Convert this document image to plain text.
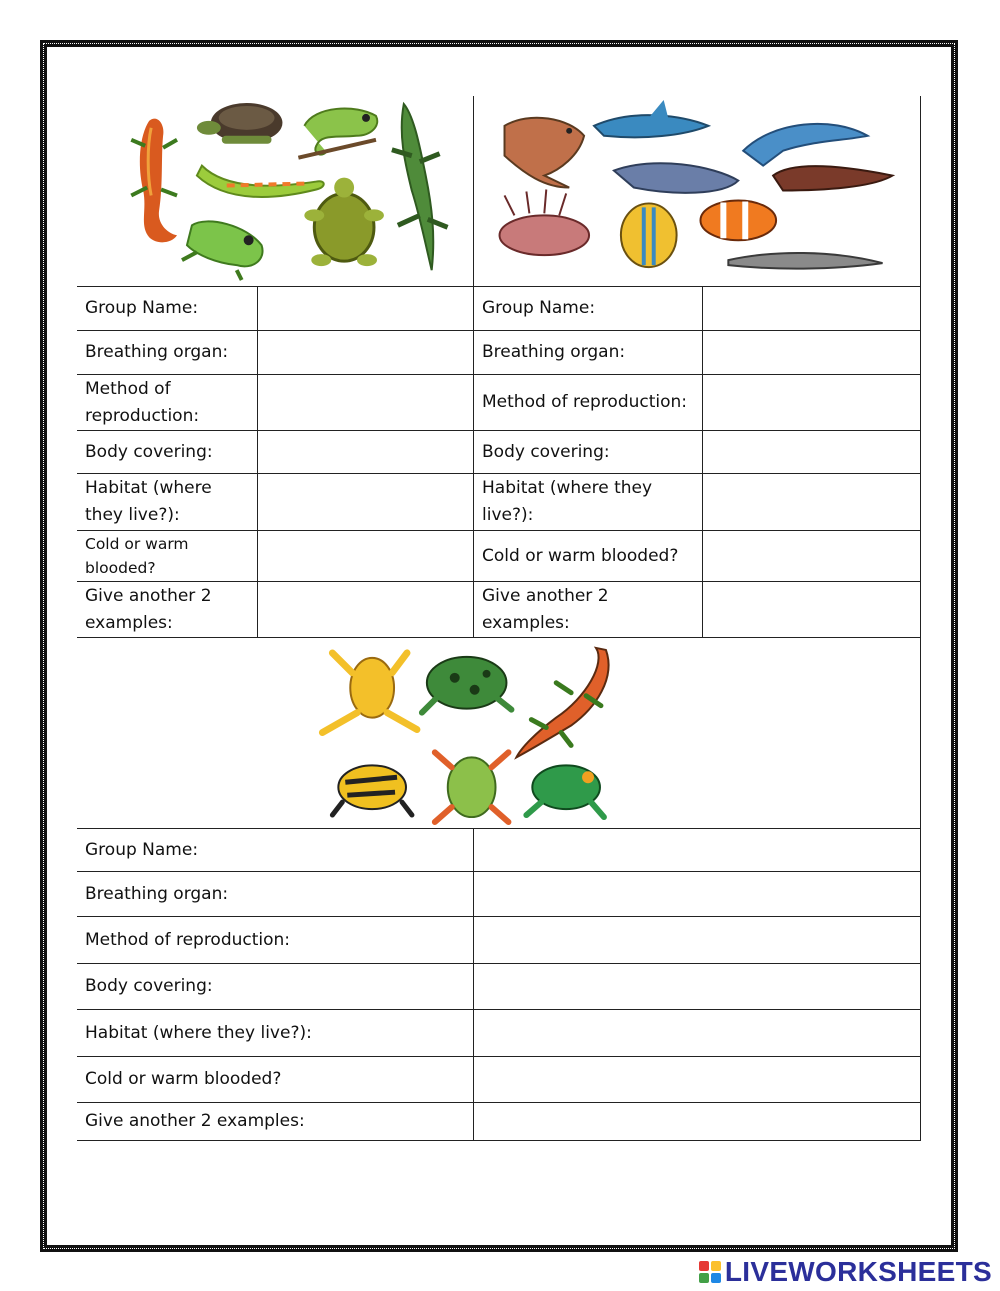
Group Name:
Breathing organ:
Method of reproduction:
Body covering:
Habitat (where they live?):
Cold or warm blooded?
Give another 2 examples:
Group Name:
Breathing organ:
Method of reproduction:
Body covering:
Habitat (where they live?):
Cold or warm blooded?
Give another 2 examples:
Group Name:
Breathing organ:
Method of reproduction:
Body covering:
Habitat (where they live?):
Cold or warm blooded?
Give another 2 examples:
LIVEWORKSHEETS
